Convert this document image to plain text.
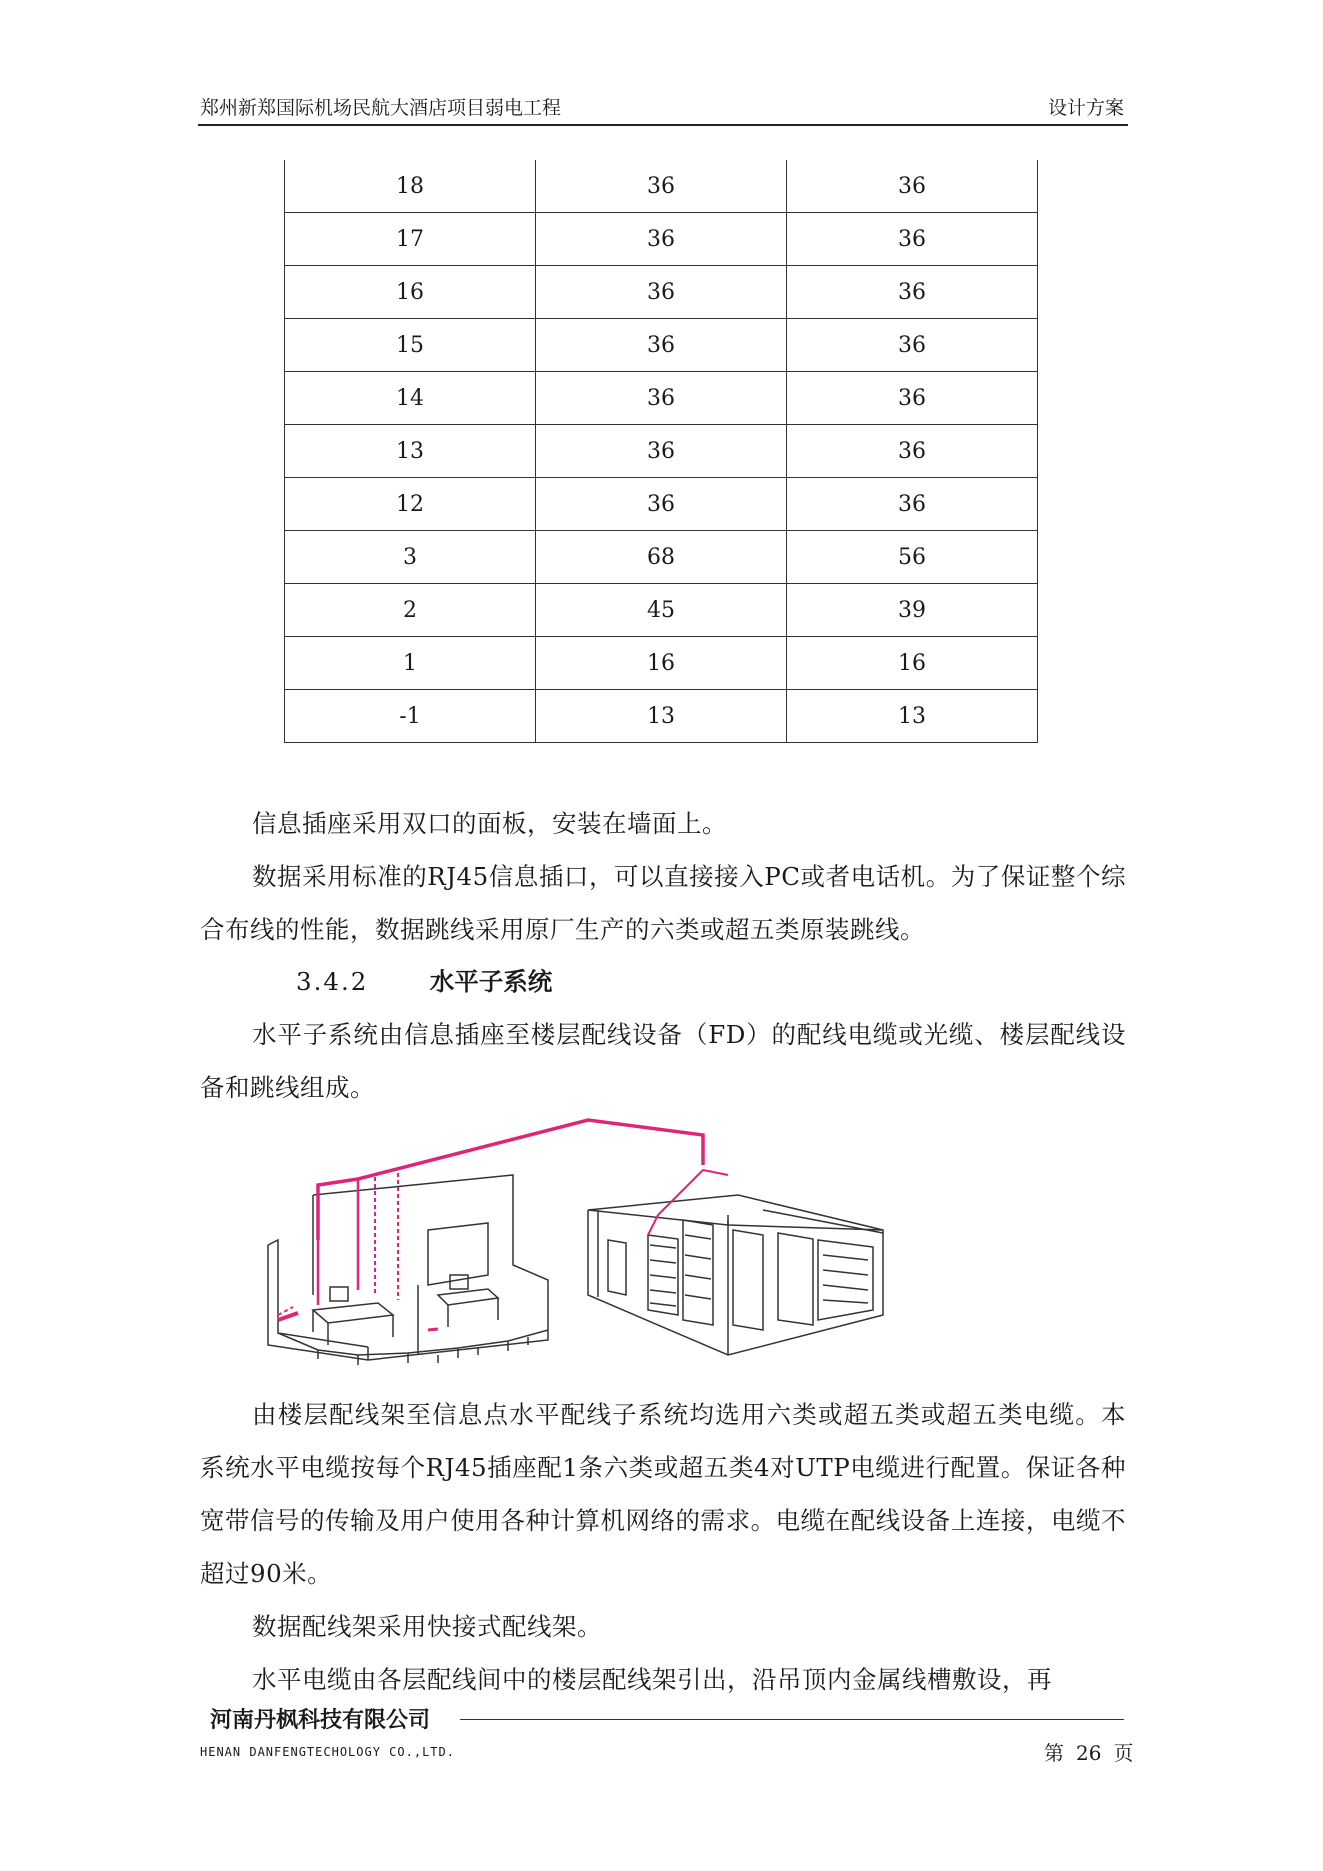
郑州新郑国际机场民航大酒店项目弱电工程	设计方案
18	36	36
17	36	36
16	36	36
15	36	36
14	36	36
13	36	36
12	36	36
3	68	56
2	45	39
1	16	16
-1	13	13

信息插座采用双口的面板，安装在墙面上。

数据采用标准的RJ45信息插口，可以直接接入PC或者电话机。为了保证整个综合布线的性能，数据跳线采用原厂生产的六类或超五类原装跳线。

3.4.2	水平子系统

水平子系统由信息插座至楼层配线设备（FD）的配线电缆或光缆、楼层配线设备和跳线组成。

由楼层配线架至信息点水平配线子系统均选用六类或超五类或超五类电缆。本系统水平电缆按每个RJ45插座配1条六类或超五类4对UTP电缆进行配置。保证各种宽带信号的传输及用户使用各种计算机网络的需求。电缆在配线设备上连接，电缆不超过90米。

数据配线架采用快接式配线架。

水平电缆由各层配线间中的楼层配线架引出，沿吊顶内金属线槽敷设，再

河南丹枫科技有限公司
HENAN DANFENGTECHOLOGY CO.,LTD.	第 26 页
